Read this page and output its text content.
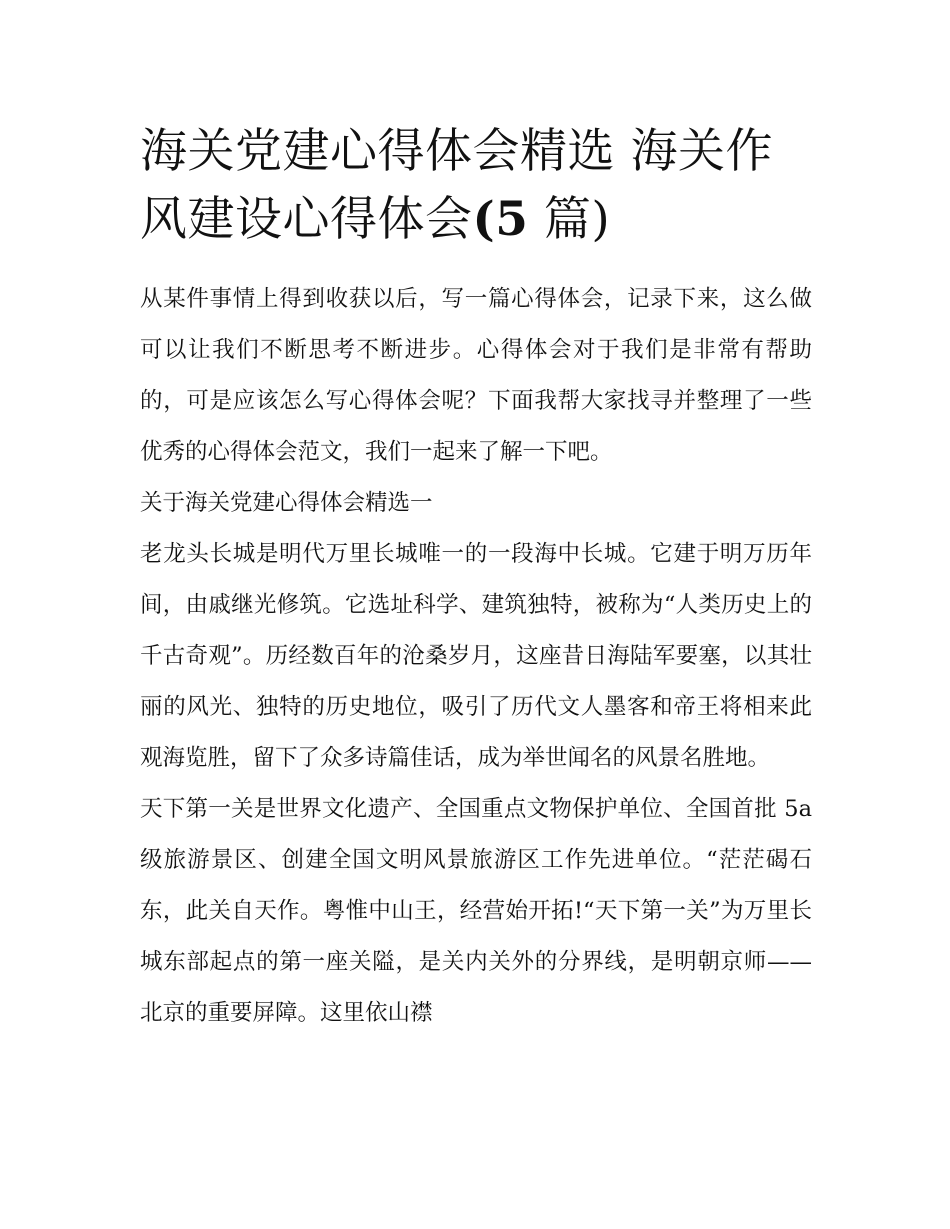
海关党建心得体会精选 海关作风建设心得体会(5 篇)

从某件事情上得到收获以后，写一篇心得体会，记录下来，这么做可以让我们不断思考不断进步。心得体会对于我们是非常有帮助的，可是应该怎么写心得体会呢？下面我帮大家找寻并整理了一些优秀的心得体会范文，我们一起来了解一下吧。

关于海关党建心得体会精选一

老龙头长城是明代万里长城唯一的一段海中长城。它建于明万历年间，由戚继光修筑。它选址科学、建筑独特，被称为“人类历史上的千古奇观”。历经数百年的沧桑岁月，这座昔日海陆军要塞，以其壮丽的风光、独特的历史地位，吸引了历代文人墨客和帝王将相来此观海览胜，留下了众多诗篇佳话，成为举世闻名的风景名胜地。

天下第一关是世界文化遗产、全国重点文物保护单位、全国首批 5a 级旅游景区、创建全国文明风景旅游区工作先进单位。“茫茫碣石东，此关自天作。粤惟中山王，经营始开拓!“天下第一关”为万里长城东部起点的第一座关隘，是关内关外的分界线，是明朝京师——北京的重要屏障。这里依山襟
